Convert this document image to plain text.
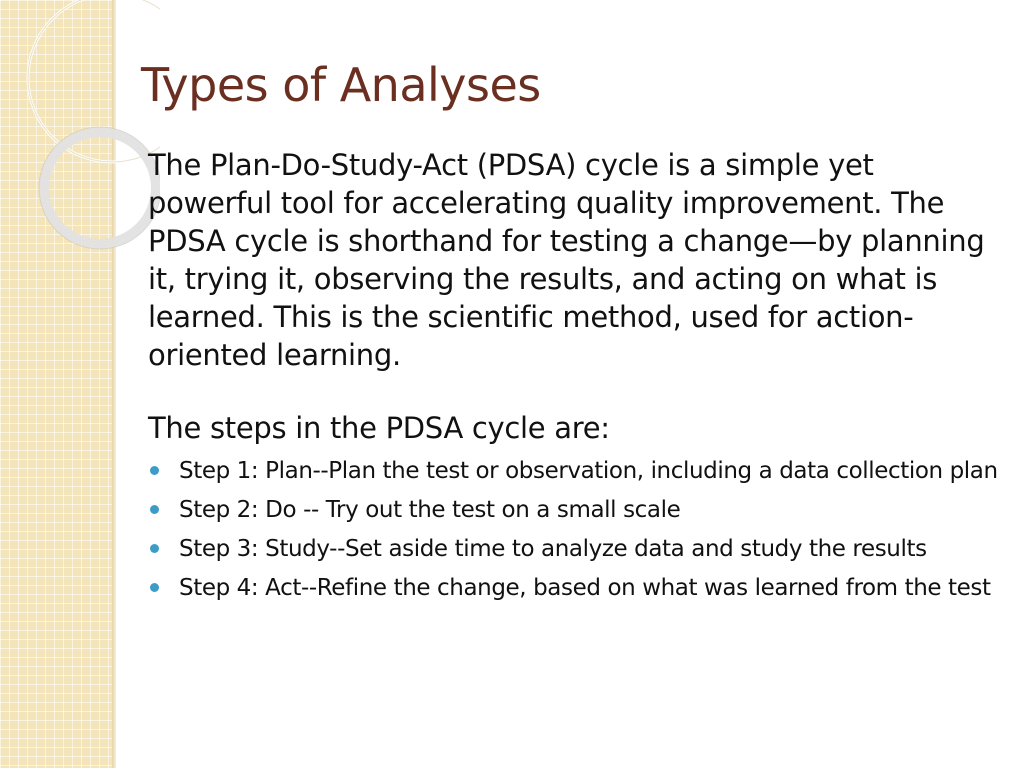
Types of Analyses

The Plan-Do-Study-Act (PDSA) cycle is a simple yet powerful tool for accelerating quality improvement. The PDSA cycle is shorthand for testing a change—by planning it, trying it, observing the results, and acting on what is learned. This is the scientific method, used for action-oriented learning.

The steps in the PDSA cycle are:

Step 1: Plan--Plan the test or observation, including a data collection plan
Step 2: Do -- Try out the test on a small scale
Step 3: Study--Set aside time to analyze data and study the results
Step 4: Act--Refine the change, based on what was learned from the test
